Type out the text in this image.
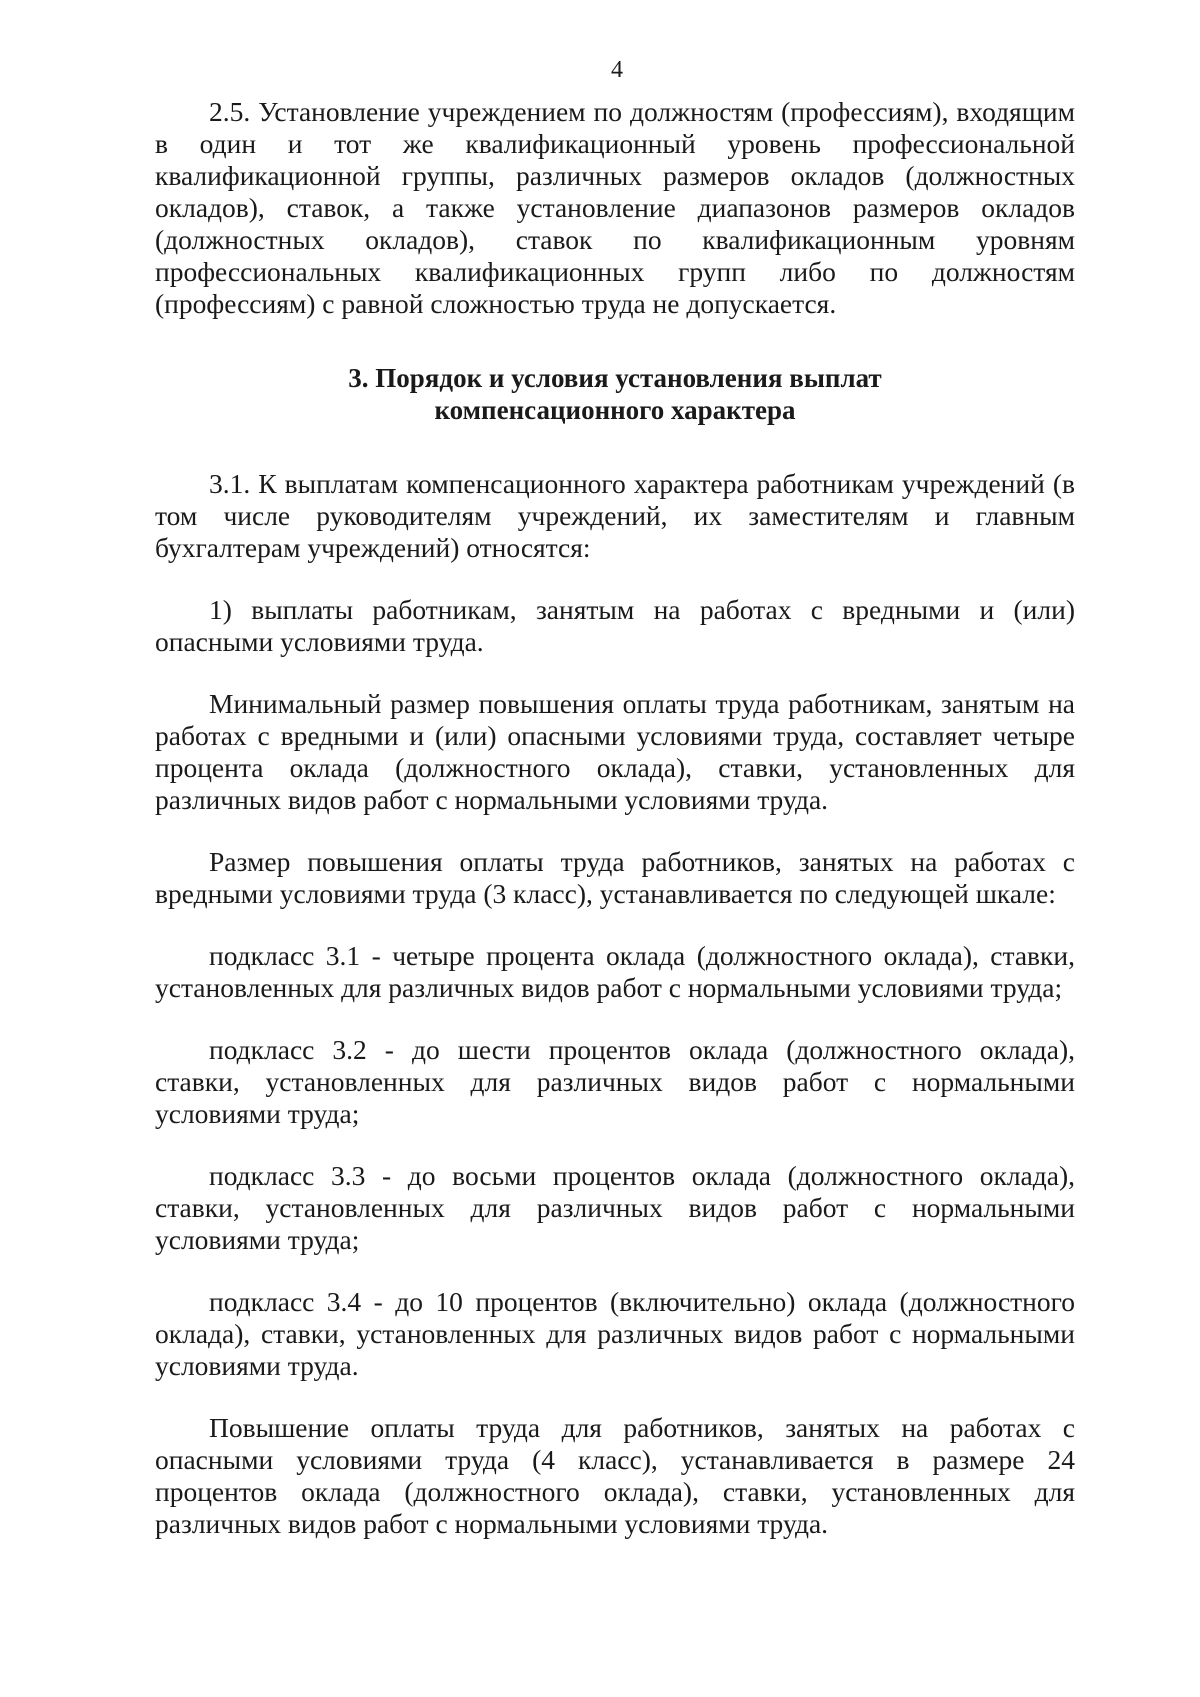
4

2.5. Установление учреждением по должностям (профессиям), входящим в один и тот же квалификационный уровень профессиональной квалификационной группы, различных размеров окладов (должностных окладов), ставок, а также установление диапазонов размеров окладов (должностных окладов), ставок по квалификационным уровням профессиональных квалификационных групп либо по должностям (профессиям) с равной сложностью труда не допускается.

3. Порядок и условия установления выплат
компенсационного характера

3.1. К выплатам компенсационного характера работникам учреждений (в том числе руководителям учреждений, их заместителям и главным бухгалтерам учреждений) относятся:

1) выплаты работникам, занятым на работах с вредными и (или) опасными условиями труда.

Минимальный размер повышения оплаты труда работникам, занятым на работах с вредными и (или) опасными условиями труда, составляет четыре процента оклада (должностного оклада), ставки, установленных для различных видов работ с нормальными условиями труда.

Размер повышения оплаты труда работников, занятых на работах с вредными условиями труда (3 класс), устанавливается по следующей шкале:

подкласс 3.1 - четыре процента оклада (должностного оклада), ставки, установленных для различных видов работ с нормальными условиями труда;

подкласс 3.2 - до шести процентов оклада (должностного оклада), ставки, установленных для различных видов работ с нормальными условиями труда;

подкласс 3.3 - до восьми процентов оклада (должностного оклада), ставки, установленных для различных видов работ с нормальными условиями труда;

подкласс 3.4 - до 10 процентов (включительно) оклада (должностного оклада), ставки, установленных для различных видов работ с нормальными условиями труда.

Повышение оплаты труда для работников, занятых на работах с опасными условиями труда (4 класс), устанавливается в размере 24 процентов оклада (должностного оклада), ставки, установленных для различных видов работ с нормальными условиями труда.
